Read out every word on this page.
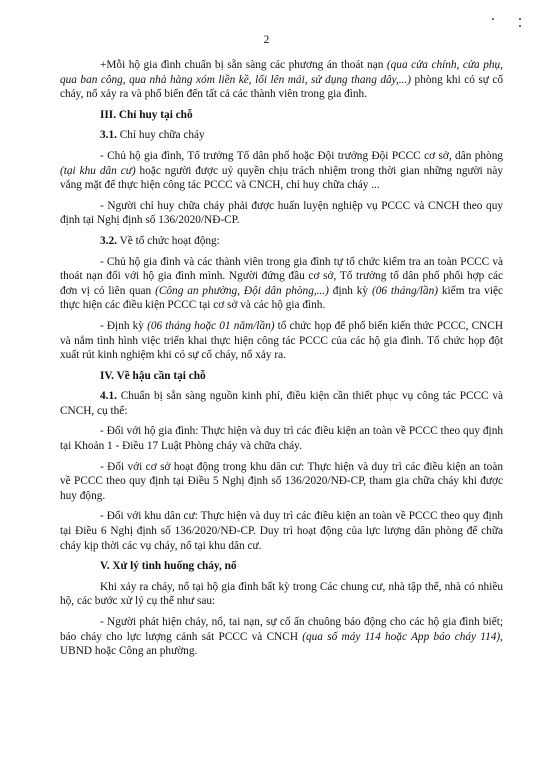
2

+Mỗi hộ gia đình chuẩn bị sẵn sàng các phương án thoát nạn (qua cửa chính, cửa phụ, qua ban công, qua nhà hàng xóm liền kề, lối lên mái, sử dụng thang dây,...) phòng khi có sự cố cháy, nổ xảy ra và phổ biến đến tất cả các thành viên trong gia đình.

III. Chỉ huy tại chỗ

3.1. Chỉ huy chữa cháy

- Chủ hộ gia đình, Tổ trưởng Tổ dân phố hoặc Đội trưởng Đội PCCC cơ sở, dân phòng (tại khu dân cư) hoặc người được uỷ quyền chịu trách nhiệm trong thời gian những người này vắng mặt để thực hiện công tác PCCC và CNCH, chỉ huy chữa cháy ...

- Người chỉ huy chữa cháy phải được huấn luyện nghiệp vụ PCCC và CNCH theo quy định tại Nghị định số 136/2020/NĐ-CP.

3.2. Về tổ chức hoạt động:

- Chủ hộ gia đình và các thành viên trong gia đình tự tổ chức kiểm tra an toàn PCCC và thoát nạn đối với hộ gia đình mình. Người đứng đầu cơ sở, Tổ trưởng tổ dân phố phối hợp các đơn vị có liên quan (Công an phường, Đội dân phòng,...) định kỳ (06 tháng/lần) kiểm tra việc thực hiện các điều kiện PCCC tại cơ sở và các hộ gia đình.

- Định kỳ (06 tháng hoặc 01 năm/lần) tổ chức họp để phổ biến kiến thức PCCC, CNCH và nắm tình hình việc triển khai thực hiện công tác PCCC của các hộ gia đình. Tổ chức họp đột xuất rút kinh nghiệm khi có sự cố cháy, nổ xảy ra.

IV. Về hậu cần tại chỗ

4.1. Chuẩn bị sẵn sàng nguồn kinh phí, điều kiện cần thiết phục vụ công tác PCCC và CNCH, cụ thể:

- Đối với hộ gia đình: Thực hiện và duy trì các điều kiện an toàn về PCCC theo quy định tại Khoản 1 - Điều 17 Luật Phòng cháy và chữa cháy.

- Đối với cơ sở hoạt động trong khu dân cư: Thực hiện và duy trì các điều kiện an toàn về PCCC theo quy định tại Điều 5 Nghị định số 136/2020/NĐ-CP, tham gia chữa cháy khi được huy động.

- Đối với khu dân cư: Thực hiện và duy trì các điều kiện an toàn về PCCC theo quy định tại Điều 6 Nghị định số 136/2020/NĐ-CP. Duy trì hoạt động của lực lượng dân phòng để chữa cháy kịp thời các vụ cháy, nổ tại khu dân cư.

V. Xử lý tình huống cháy, nổ

Khi xảy ra cháy, nổ tại hộ gia đình bất kỳ trong Các chung cư, nhà tập thể, nhà có nhiều hộ, các bước xử lý cụ thể như sau:

- Người phát hiện cháy, nổ, tai nạn, sự cố ấn chuông báo động cho các hộ gia đình biết; báo cháy cho lực lượng cảnh sát PCCC và CNCH (qua số máy 114 hoặc App báo cháy 114), UBND hoặc Công an phường.
